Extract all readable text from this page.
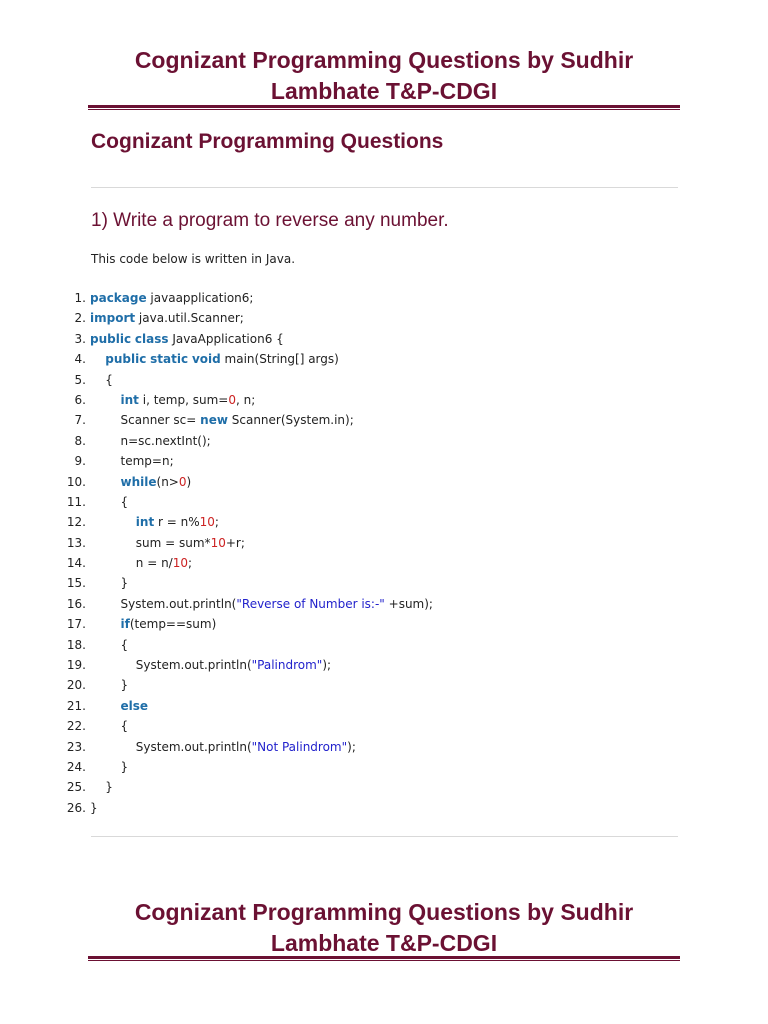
Cognizant Programming Questions by Sudhir
Lambhate T&P-CDGI
Cognizant Programming Questions
1) Write a program to reverse any number.
This code below is written in Java.
1. package javaapplication6;
2. import java.util.Scanner;
3. public class JavaApplication6 {
4.	public static void main(String[] args)
5. {
6.	int i, temp, sum=0, n;
7. Scanner sc= new Scanner(System.in);
8. n=sc.nextInt();
9. temp=n;
10.	while(n>0)
11. {
12.	int r = n%10;
13. sum = sum*10+r;
14. n = n/10;
15. }
16. System.out.println("Reverse of Number is:-" +sum);
17.	if(temp==sum)
18. {
19. System.out.println("Palindrom");
20. }
21.	else
22. {
23. System.out.println("Not Palindrom");
24. }
25. }
26. }
Cognizant Programming Questions by Sudhir
Lambhate T&P-CDGI
